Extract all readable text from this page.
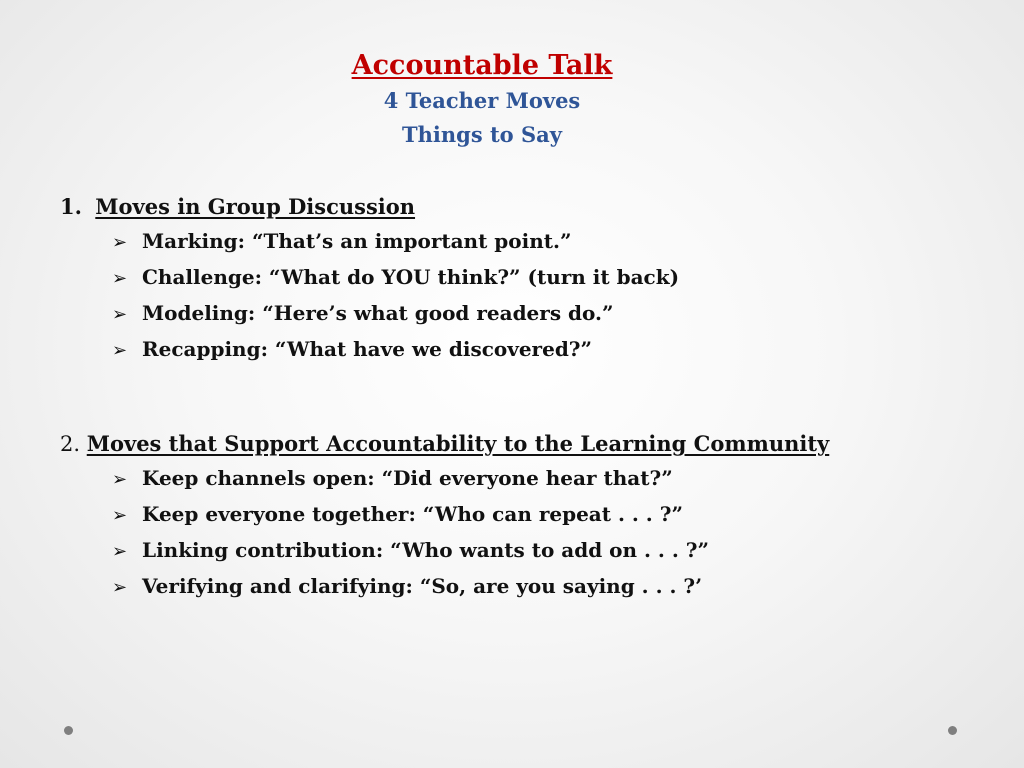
Accountable Talk
4 Teacher Moves
Things to Say
1. Moves in Group Discussion
➢ Marking: “That’s an important point.”
➢ Challenge: “What do YOU think?” (turn it back)
➢ Modeling: “Here’s what good readers do.”
➢ Recapping: “What have we discovered?”
2. Moves that Support Accountability to the Learning Community
➢ Keep channels open: “Did everyone hear that?”
➢ Keep everyone together: “Who can repeat . . . ?”
➢ Linking contribution: “Who wants to add on . . . ?”
➢ Verifying and clarifying: “So, are you saying . . . ?’
